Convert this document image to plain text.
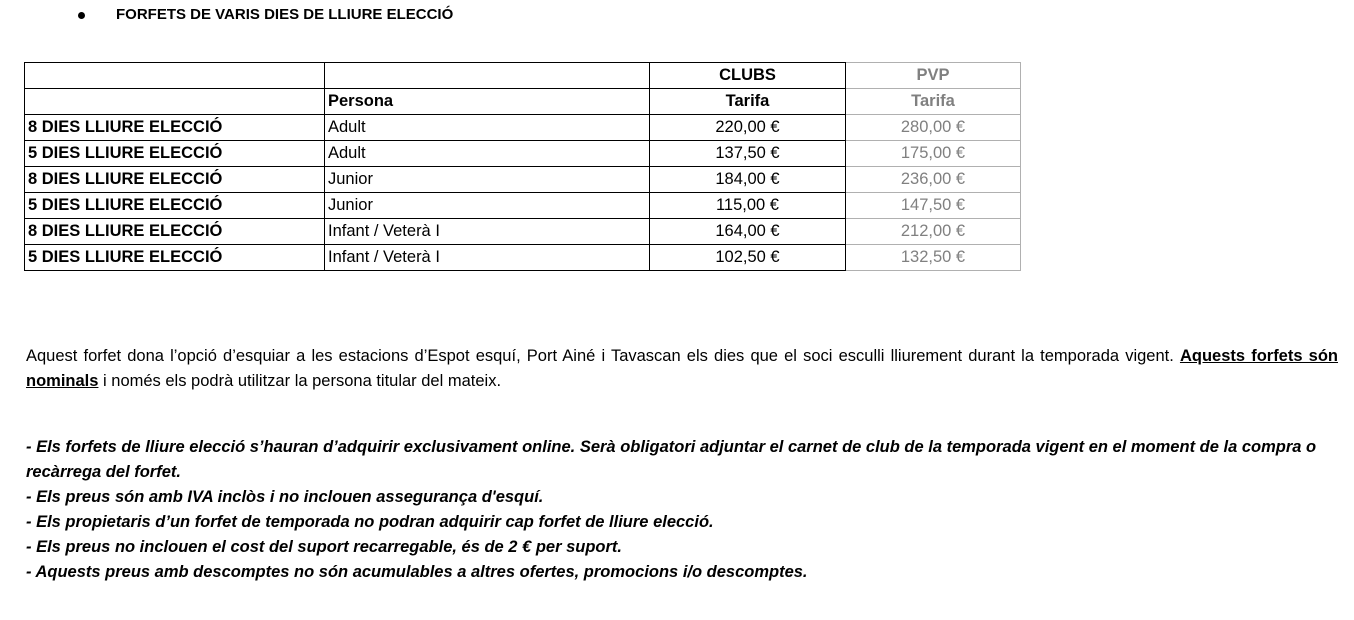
FORFETS DE VARIS DIES DE LLIURE ELECCIÓ
		CLUBS	PVP
	Persona	Tarifa	Tarifa
8 DIES LLIURE ELECCIÓ	Adult	220,00 €	280,00 €
5 DIES LLIURE ELECCIÓ	Adult	137,50 €	175,00 €
8 DIES LLIURE ELECCIÓ	Junior	184,00 €	236,00 €
5 DIES LLIURE ELECCIÓ	Junior	115,00 €	147,50 €
8 DIES LLIURE ELECCIÓ	Infant / Veterà I	164,00 €	212,00 €
5 DIES LLIURE ELECCIÓ	Infant / Veterà I	102,50 €	132,50 €
Aquest forfet dona l’opció d’esquiar a les estacions d’Espot esquí, Port Ainé i Tavascan els dies que el soci esculli lliurement durant la temporada vigent. Aquests forfets són nominals i només els podrà utilitzar la persona titular del mateix.

- Els forfets de lliure elecció s’hauran d’adquirir exclusivament online. Serà obligatori adjuntar el carnet de club de la temporada vigent en el moment de la compra o recàrrega del forfet.

- Els preus són amb IVA inclòs i no inclouen assegurança d'esquí.

- Els propietaris d’un forfet de temporada no podran adquirir cap forfet de lliure elecció.

- Els preus no inclouen el cost del suport recarregable, és de 2 € per suport.

- Aquests preus amb descomptes no són acumulables a altres ofertes, promocions i/o descomptes.
